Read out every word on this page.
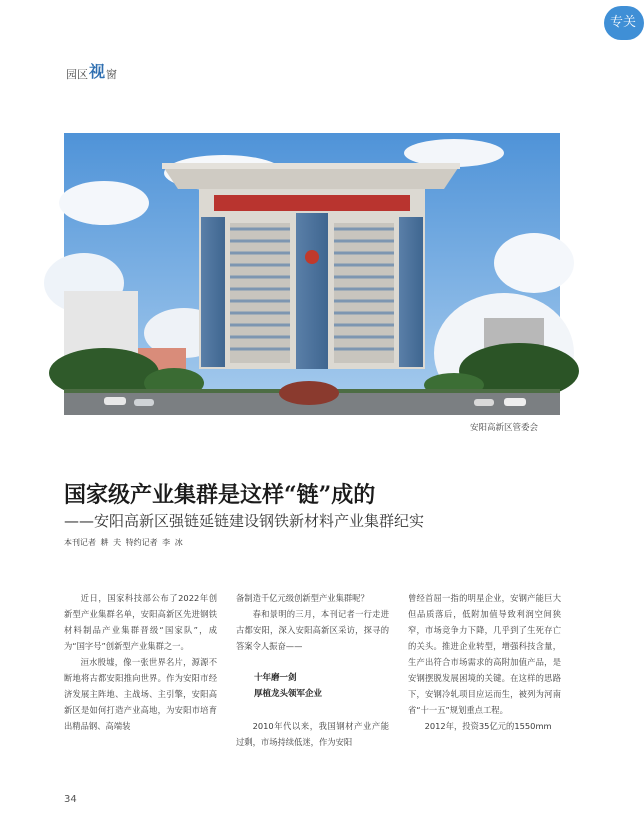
专关
园区 视 窗
安阳高新区管委会
国家级产业集群是这样“链”成的
——安阳高新区强链延链建设钢铁新材料产业集群纪实
本刊记者 耕 夫 特约记者 李 冰

近日，国家科技部公布了2022年创新型产业集群名单，安阳高新区先进钢铁材料制品产业集群晋级“国家队”，成为“国字号”创新型产业集群之一。

洹水殷墟，像一张世界名片，源源不断地将古都安阳推向世界。作为安阳市经济发展主阵地、主战场、主引擎，安阳高新区是如何打造产业高地，为安阳市培育出精品钢、高端装

备制造千亿元级创新型产业集群呢？

春和景明的三月，本刊记者一行走进古都安阳，深入安阳高新区采访，探寻的答案令人振奋——

十年磨一剑
厚植龙头领军企业

2010年代以来，我国钢材产业产能过剩，市场持续低迷，作为安阳

曾经首屈一指的明星企业，安钢产能巨大但品质落后，低附加值导致利润空间狭窄，市场竞争力下降，几乎到了生死存亡的关头。推进企业转型，增强科技含量，生产出符合市场需求的高附加值产品，是安钢摆脱发展困境的关键。在这样的思路下，安钢冷轧项目应运而生，被列为河南省“十一五”规划重点工程。

2012年，投资35亿元的1550mm

34
